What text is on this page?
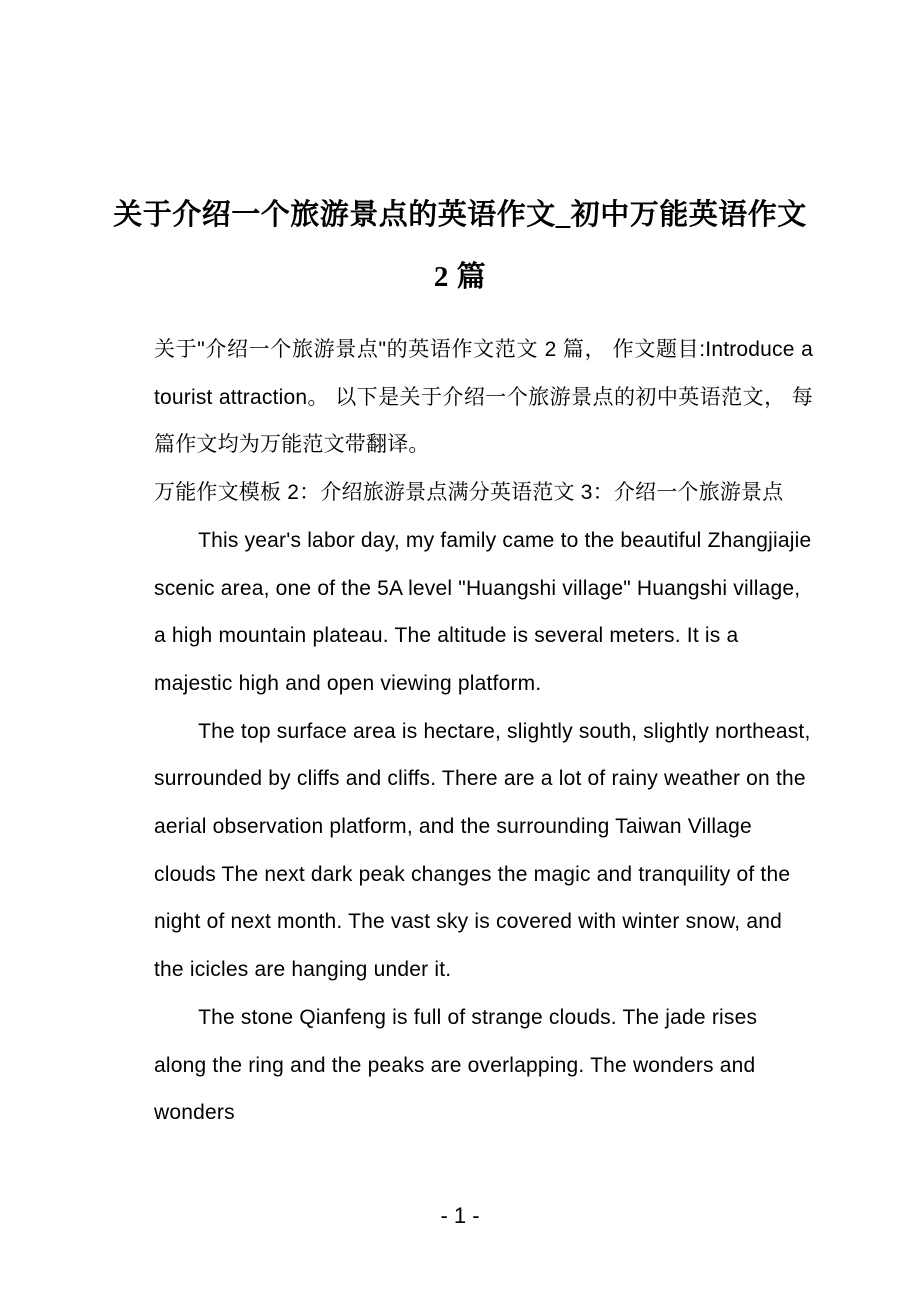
关于介绍一个旅游景点的英语作文_初中万能英语作文 2 篇

关于"介绍一个旅游景点"的英语作文范文 2 篇， 作文题目:Introduce a tourist attraction。 以下是关于介绍一个旅游景点的初中英语范文， 每篇作文均为万能范文带翻译。

万能作文模板 2：介绍旅游景点满分英语范文 3：介绍一个旅游景点

This year's labor day, my family came to the beautiful Zhangjiajie scenic area, one of the 5A level "Huangshi village" Huangshi village, a high mountain plateau. The altitude is several meters. It is a majestic high and open viewing platform.

The top surface area is hectare, slightly south, slightly northeast, surrounded by cliffs and cliffs. There are a lot of rainy weather on the aerial observation platform, and the surrounding Taiwan Village clouds The next dark peak changes the magic and tranquility of the night of next month. The vast sky is covered with winter snow, and the icicles are hanging under it.

The stone Qianfeng is full of strange clouds. The jade rises along the ring and the peaks are overlapping. The wonders and wonders

- 1 -
